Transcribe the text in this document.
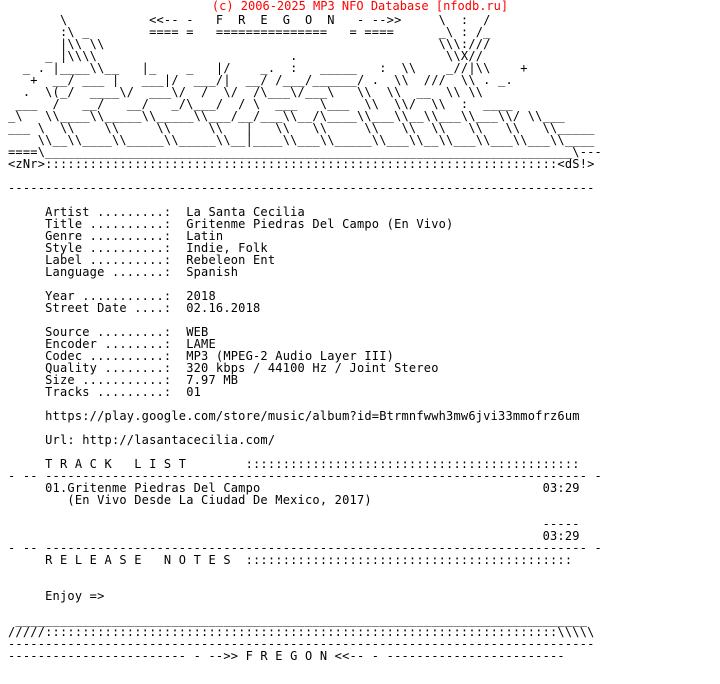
(c) 2006-2025 MP3 NFO Database [nfodb.ru]
\           <<-- -   F  R  E  G  O  N   - -->>     \  :  /
:\ _        ==== =   ===============   = ====      _\ : /_
|\\ \\                                             \\\:///
_ |\\\\                          .                    \\X//
_ . |____\\__   |_    _   |/    _.  :   _____   :  \\    _//|\\    +
+  __/ ___ |   ___|/  ___/|  __/ /___/______/ .  \\  ///  \\ . _.
.  \(_/  ____\/  ___\/  /  \/  /\___\/___\   \\  \\  __  \\ \\
___  /   __/   __/   _/\___/  / \  ___   \___  \\  \\/  \\  :  ____
_\   \\____\\_____\\_____\\___/__/___\\__/\____\\___\\__\\___\\___\\/ \\___
___ \  \\    \\     \\     \\   |   \\   \\     \\   \\  \\   \\   \\   \\_____
\\__\\____\\_____\\_____\\__|____\\___\\_____\\___\\__\\___\\___\\___\\____
====\_______________________________________________________________________\---
<zNr>:::::::::::::::::::::::::::::::::::::::::::::::::::::::::::::::::::::<dS!>

-------------------------------------------------------------------------------

Artist .........:  La Santa Cecilia
Title ..........:  Gritenme Piedras Del Campo (En Vivo)
Genre ..........:  Latin
Style ..........:  Indie, Folk
Label ..........:  Rebeleon Ent
Language .......:  Spanish

Year ...........:  2018
Street Date ....:  02.16.2018

Source .........:  WEB
Encoder ........:  LAME
Codec ..........:  MP3 (MPEG-2 Audio Layer III)
Quality ........:  320 kbps / 44100 Hz / Joint Stereo
Size ...........:  7.97 MB
Tracks .........:  01

https://play.google.com/store/music/album?id=Btrmnfwwh3mw6jvi33mmofrz6um

Url: http://lasantacecilia.com/

T R A C K   L I S T        :::::::::::::::::::::::::::::::::::::::::::::
- -- ------------------------------------------------------------------------- -
01.Gritenme Piedras Del Campo                                      03:29
(En Vivo Desde La Ciudad De Mexico, 2017)

-----
03:29
- -- ------------------------------------------------------------------------- -
R E L E A S E   N O T E S  ::::::::::::::::::::::::::::::::::::::::::::

Enjoy =>

_____________________________________________________________________________
/////:::::::::::::::::::::::::::::::::::::::::::::::::::::::::::::::::::::\\\\\
-------------------------------------------------------------------------------
------------------------ - -->> F R E G O N <<-- - ------------------------
